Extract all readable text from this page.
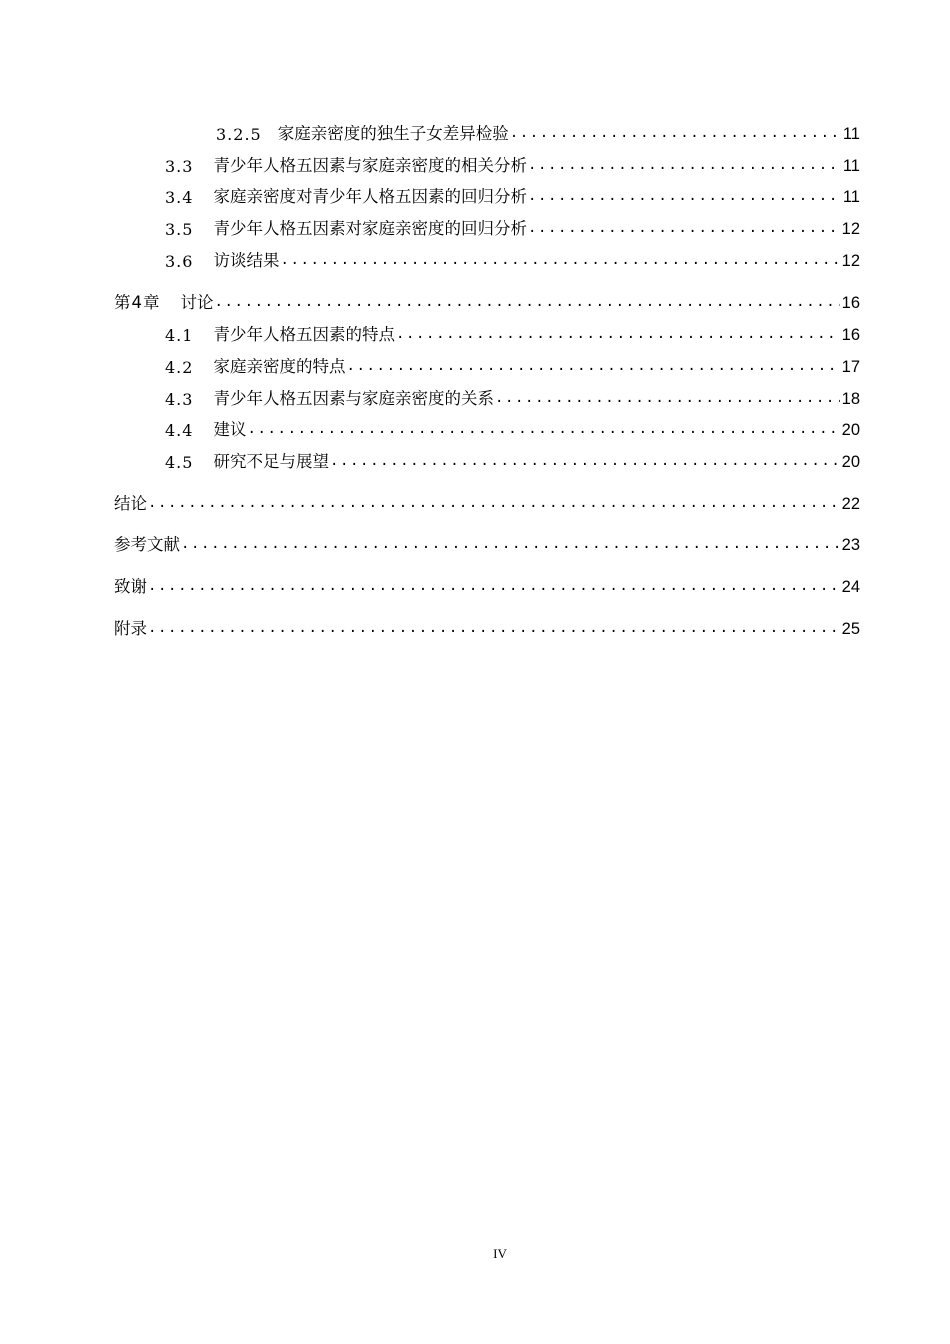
3.2.5 家庭亲密度的独生子女差异检验 .....	11
3.3 青少年人格五因素与家庭亲密度的相关分析 .....	11
3.4 家庭亲密度对青少年人格五因素的回归分析 .....	11
3.5 青少年人格五因素对家庭亲密度的回归分析 .....	12
3.6 访谈结果 .....	12
第4章 讨论 .....	16
4.1 青少年人格五因素的特点 .....	16
4.2 家庭亲密度的特点 .....	17
4.3 青少年人格五因素与家庭亲密度的关系 .....	18
4.4 建议 .....	20
4.5 研究不足与展望 .....	20
结论 .....	22
参考文献 .....	23
致谢 .....	24
附录 .....	25
IV
